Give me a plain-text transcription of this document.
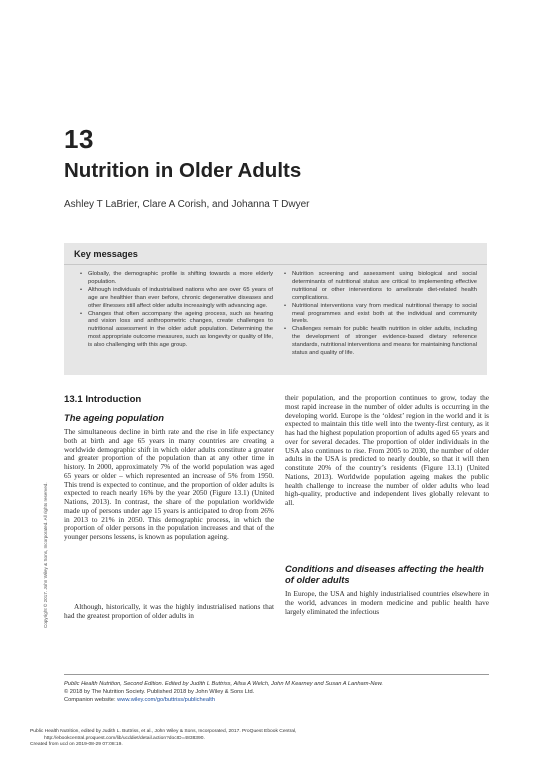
13
Nutrition in Older Adults
Ashley T LaBrier, Clare A Corish, and Johanna T Dwyer
Key messages
• Globally, the demographic profile is shifting towards a more elderly population.
• Although individuals of industrialised nations who are over 65 years of age are healthier than ever before, chronic degenerative diseases and other illnesses still affect older adults increasingly with advancing age.
• Changes that often accompany the ageing process, such as hearing and vision loss and anthropometric changes, create challenges to nutritional assessment in the older adult population. Determining the most appropriate outcome measures, such as longevity or quality of life, is also challenging with this age group.
• Nutrition screening and assessment using biological and social determinants of nutritional status are critical to implementing effective nutritional or other interventions to ameliorate diet-related health complications.
• Nutritional interventions vary from medical nutritional therapy to social meal programmes and exist both at the individual and community levels.
• Challenges remain for public health nutrition in older adults, including the development of stronger evidence-based dietary reference standards, nutritional interventions and means for maintaining functional status and quality of life.
13.1 Introduction
The ageing population

The simultaneous decline in birth rate and the rise in life expectancy both at birth and age 65 years in many countries are creating a worldwide demographic shift in which older adults constitute a greater and greater proportion of the population than at any other time in history. In 2000, approximately 7% of the world population was aged 65 years or older – which represented an increase of 5% from 1950. This trend is expected to continue, and the proportion of older adults is expected to reach nearly 16% by the year 2050 (Figure 13.1) (United Nations, 2013). In contrast, the share of the population worldwide made up of persons under age 15 years is anticipated to drop from 26% in 2013 to 21% in 2050. This demographic process, in which the proportion of older persons in the population increases and that of the younger persons lessens, is known as population ageing.

Although, historically, it was the highly industrialised nations that had the greatest proportion of older adults in

their population, and the proportion continues to grow, today the most rapid increase in the number of older adults is occurring in the developing world. Europe is the ‘oldest’ region in the world and it is expected to maintain this title well into the twenty-first century, as it has had the highest population proportion of adults aged 65 years and over for several decades. The proportion of older individuals in the USA also continues to rise. From 2005 to 2030, the number of older adults in the USA is predicted to nearly double, so that it will then constitute 20% of the country’s residents (Figure 13.1) (United Nations, 2013). Worldwide population ageing makes the public health challenge to increase the number of older adults who lead high-quality, productive and independent lives globally relevant to all.

Conditions and diseases affecting the health of older adults

In Europe, the USA and highly industrialised countries elsewhere in the world, advances in modern medicine and public health have largely eliminated the infectious

Copyright © 2017. John Wiley & Sons, Incorporated. All rights reserved.
Public Health Nutrition, Second Edition. Edited by Judith L Buttriss, Ailsa A Welch, John M Kearney and Susan A Lanham-New.
© 2018 by The Nutrition Society. Published 2018 by John Wiley & Sons Ltd.
Companion website: www.wiley.com/go/buttriss/publichealth
Public Health Nutrition, edited by Judith L. Buttriss, et al., John Wiley & Sons, Incorporated, 2017. ProQuest Ebook Central,
http://ebookcentral.proquest.com/lib/ucddiet/detail.action?docID=4838390.
Created from ucd on 2019-08-29 07:08:19.
